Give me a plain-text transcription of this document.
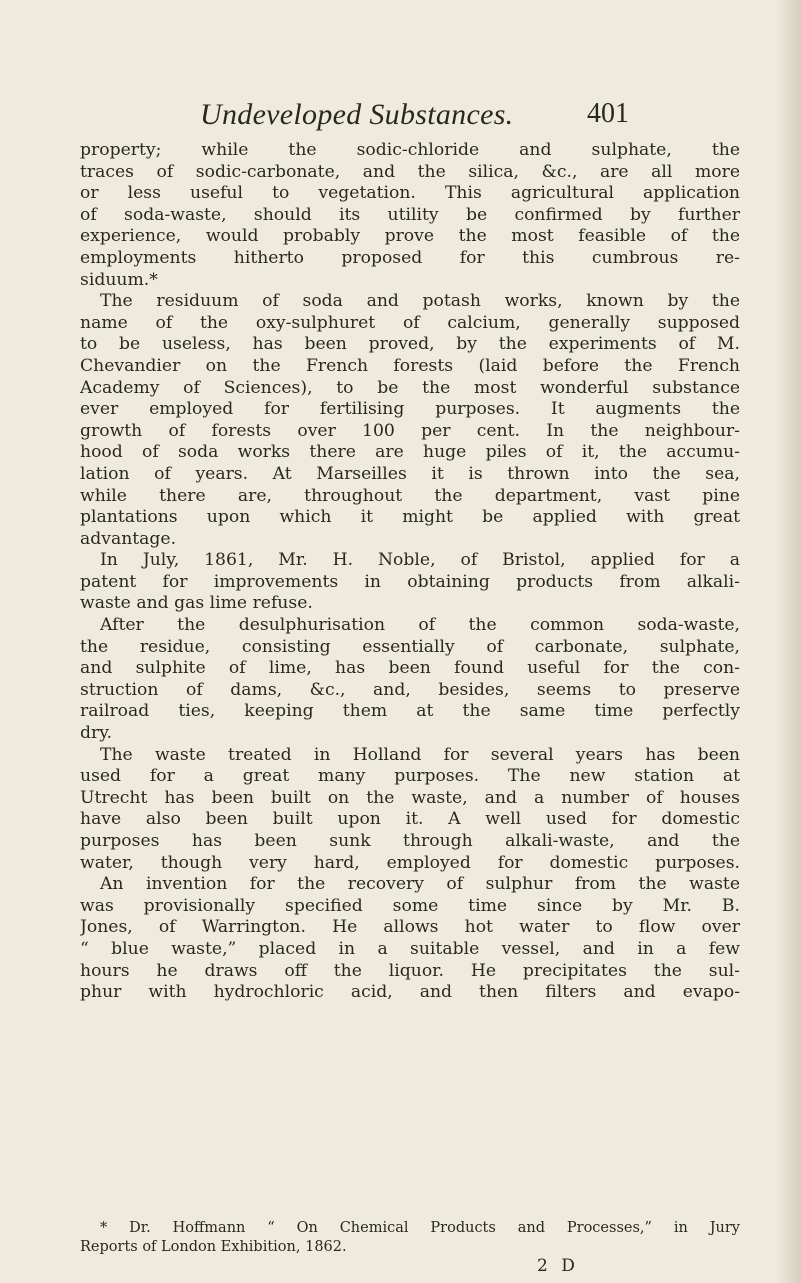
Undeveloped Substances.	401
property; while the sodic-chloride and sulphate, the
traces of sodic-carbonate, and the silica, &c., are all more
or less useful to vegetation. This agricultural application
of soda-waste, should its utility be confirmed by further
experience, would probably prove the most feasible of the
employments hitherto proposed for this cumbrous re-
siduum.*
The residuum of soda and potash works, known by the
name of the oxy-sulphuret of calcium, generally supposed
to be useless, has been proved, by the experiments of M.
Chevandier on the French forests (laid before the French
Academy of Sciences), to be the most wonderful substance
ever employed for fertilising purposes. It augments the
growth of forests over 100 per cent. In the neighbour-
hood of soda works there are huge piles of it, the accumu-
lation of years. At Marseilles it is thrown into the sea,
while there are, throughout the department, vast pine
plantations upon which it might be applied with great
advantage.
In July, 1861, Mr. H. Noble, of Bristol, applied for a
patent for improvements in obtaining products from alkali-
waste and gas lime refuse.
After the desulphurisation of the common soda-waste,
the residue, consisting essentially of carbonate, sulphate,
and sulphite of lime, has been found useful for the con-
struction of dams, &c., and, besides, seems to preserve
railroad ties, keeping them at the same time perfectly
dry.
The waste treated in Holland for several years has been
used for a great many purposes. The new station at
Utrecht has been built on the waste, and a number of houses
have also been built upon it. A well used for domestic
purposes has been sunk through alkali-waste, and the
water, though very hard, employed for domestic purposes.
An invention for the recovery of sulphur from the waste
was provisionally specified some time since by Mr. B.
Jones, of Warrington. He allows hot water to flow over
“ blue waste,” placed in a suitable vessel, and in a few
hours he draws off the liquor. He precipitates the sul-
phur with hydrochloric acid, and then filters and evapo-
* Dr. Hoffmann “ On Chemical Products and Processes,” in Jury
Reports of London Exhibition, 1862.
2 D
